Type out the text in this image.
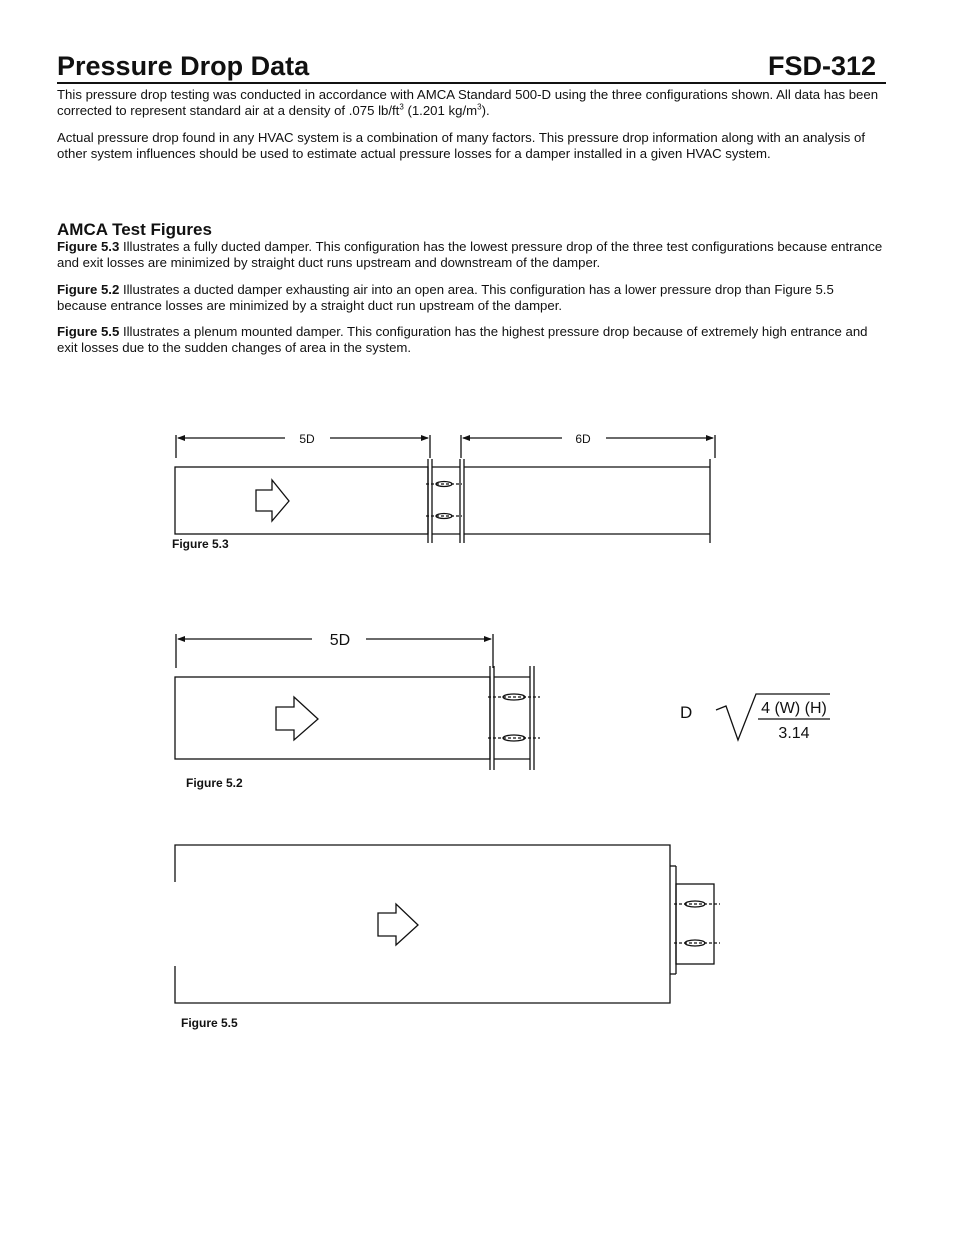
Pressure Drop Data	FSD-312

This pressure drop testing was conducted in accordance with AMCA Standard 500-D using the three configurations shown. All data has been corrected to represent standard air at a density of .075 $lb/ft^3$ (1.201 $kg/m^3$).

Actual pressure drop found in any HVAC system is a combination of many factors. This pressure drop information along with an analysis of other system influences should be used to estimate actual pressure losses for a damper installed in a given HVAC system.

AMCA Test Figures

Figure 5.3 Illustrates a fully ducted damper. This configuration has the lowest pressure drop of the three test configurations because entrance and exit losses are minimized by straight duct runs upstream and downstream of the damper.

Figure 5.2 Illustrates a ducted damper exhausting air into an open area. This configuration has a lower pressure drop than Figure 5.5 because entrance losses are minimized by a straight duct run upstream of the damper.

Figure 5.5 Illustrates a plenum mounted damper. This configuration has the highest pressure drop because of extremely high entrance and exit losses due to the sudden changes of area in the system.

5D	6D
Figure 5.3
5D
Figure 5.2
D	4 (W) (H)
3.14
Figure 5.5
